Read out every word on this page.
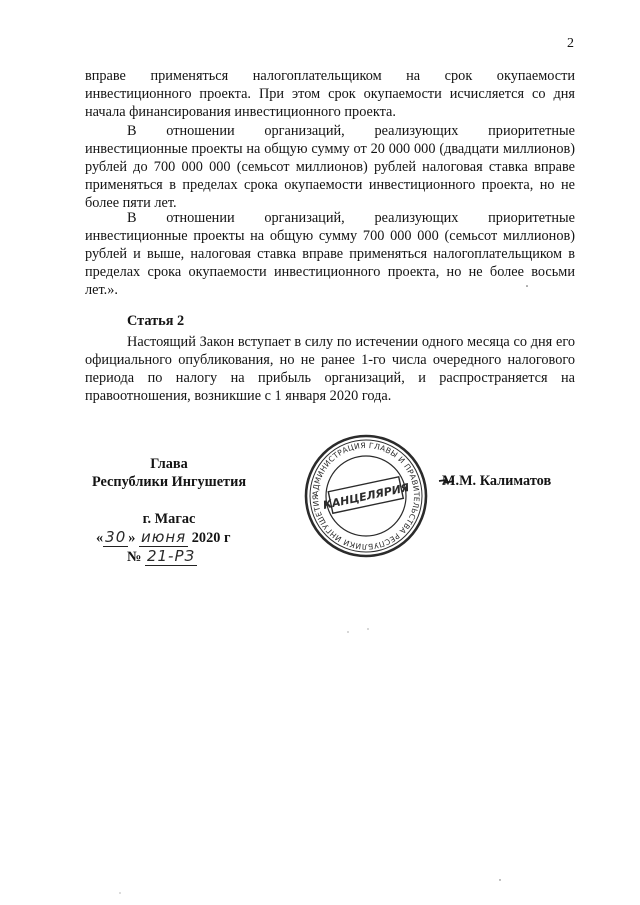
2

вправе применяться налогоплательщиком на срок окупаемости инвестиционного проекта. При этом срок окупаемости исчисляется со дня начала финансирования инвестиционного проекта.

В отношении организаций, реализующих приоритетные инвестиционные проекты на общую сумму от 20 000 000 (двадцати миллионов) рублей до 700 000 000 (семьсот миллионов) рублей налоговая ставка вправе применяться в пределах срока окупаемости инвестиционного проекта, но не более пяти лет.

В отношении организаций, реализующих приоритетные инвестиционные проекты на общую сумму 700 000 000 (семьсот миллионов) рублей и выше, налоговая ставка вправе применяться налогоплательщиком в пределах срока окупаемости инвестиционного проекта, но не более восьми лет.».

Статья 2

Настоящий Закон вступает в силу по истечении одного месяца со дня его официального опубликования, но не ранее 1-го числа очередного налогового периода по налогу на прибыль организаций, и распространяется на правоотношения, возникшие с 1 января 2020 года.

Глава
Республики Ингушетия
г. Магас
« 30 » июня 2020 г
№ 21-РЗ
М.М. Калиматов
АДМИНИСТРАЦИЯ ГЛАВЫ И ПРАВИТЕЛЬСТВА РЕСПУБЛИКИ ИНГУШЕТИЯ КАНЦЕЛЯРИЯ
